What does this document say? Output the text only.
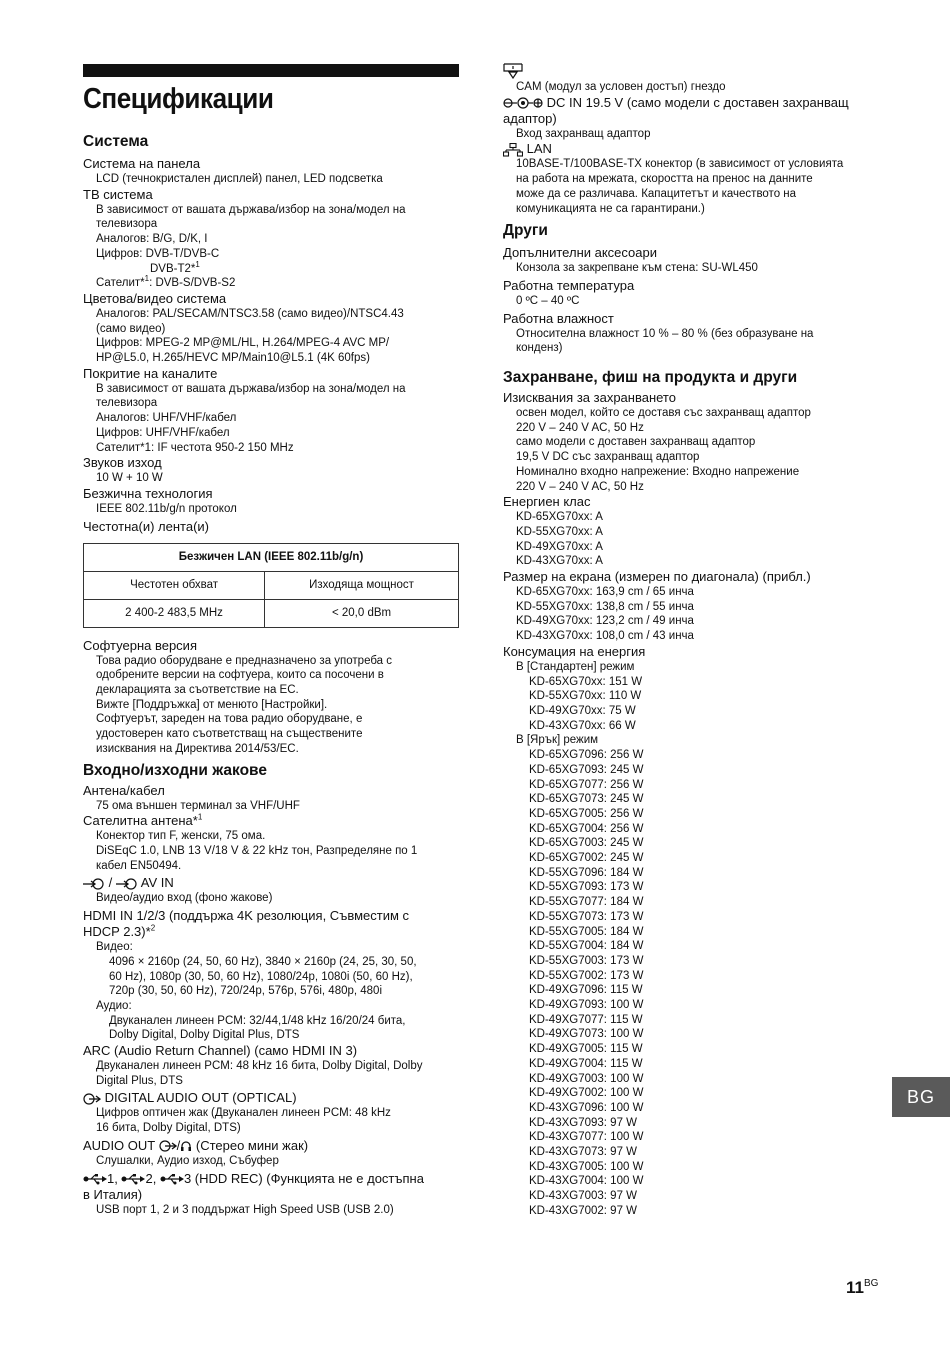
Спецификации
Система
Система на панела
LCD (течнокристален дисплей) панел, LED подсветка
ТВ система
В зависимост от вашата държава/избор на зона/модел на
телевизора
Аналогов: B/G, D/K, I
Цифров: DVB-T/DVB-C
DVB-T2*$^1$
Сателит*$^1$: DVB-S/DVB-S2
Цветова/видео система
Аналогов: PAL/SECAM/NTSC3.58 (само видео)/NTSC4.43
(само видео)
Цифров: MPEG-2 MP@ML/HL, H.264/MPEG-4 AVC MP/
HP@L5.0, H.265/HEVC MP/Main10@L5.1 (4K 60fps)
Покритие на каналите
В зависимост от вашата държава/избор на зона/модел на
телевизора
Аналогов: UHF/VHF/кабел
Цифров: UHF/VHF/кабел
Сателит*1: IF честота 950-2 150 MHz
Звуков изход
10 W + 10 W
Безжична технология
IEEE 802.11b/g/n протокол
Честотна(и) лента(и)
Безжичен LAN (IEEE 802.11b/g/n)	
Честотен обхват	Изходяща мощност
2 400-2 483,5 MHz	< 20,0 dBm
Софтуерна версия
Това радио оборудване е предназначено за употреба с
одобрените версии на софтуера, които са посочени в
декларацията за съответствие на ЕС.
Вижте [Поддръжка] от менюто [Настройки].
Софтуерът, зареден на това радио оборудване, е
удостоверен като съответстващ на съществените
изисквания на Директива 2014/53/ЕС.
Входно/изходни жакове
Антена/кабел
75 ома външен терминал за VHF/UHF
Сателитна антена*$^1$
Конектор тип F, женски, 75 ома.
DiSEqC 1.0, LNB 13 V/18 V & 22 kHz тон, Разпределяне по 1
кабел EN50494.
/ AV IN
Видео/аудио вход (фоно жакове)
HDMI IN 1/2/3 (поддържа 4K резолюция, Съвместим с
HDCP 2.3)*$^2$
Видео:
4096 × 2160p (24, 50, 60 Hz), 3840 × 2160p (24, 25, 30, 50,
60 Hz), 1080p (30, 50, 60 Hz), 1080/24p, 1080i (50, 60 Hz),
720p (30, 50, 60 Hz), 720/24p, 576p, 576i, 480p, 480i
Аудио:
Двуканален линеен PCM: 32/44,1/48 kHz 16/20/24 бита,
Dolby Digital, Dolby Digital Plus, DTS
ARC (Audio Return Channel) (само HDMI IN 3)
Двуканален линеен PCM: 48 kHz 16 бита, Dolby Digital, Dolby
Digital Plus, DTS
DIGITAL AUDIO OUT (OPTICAL)
Цифров оптичен жак (Двуканален линеен PCM: 48 kHz
16 бита, Dolby Digital, DTS)
AUDIO OUT / (Стерео мини жак)
Слушалки, Аудио изход, Събуфер
1, 2, 3 (HDD REC) (Функцията не е достъпна
в Италия)
USB порт 1, 2 и 3 поддържат High Speed USB (USB 2.0)
CAM (модул за условен достъп) гнездо
DC IN 19.5 V (само модели с доставен захранващ
адаптор)
Вход захранващ адаптор
LAN
10BASE-T/100BASE-TX конектор (в зависимост от условията
на работа на мрежата, скоростта на пренос на данните
може да се различава. Капацитетът и качеството на
комуникацията не са гарантирани.)
Други
Допълнителни аксесоари
Конзола за закрепване към стена: SU-WL450
Работна температура
0 ºC – 40 ºC
Работна влажност
Относителна влажност 10 % – 80 % (без образуване на
конденз)
Захранване, фиш на продукта и други
Изисквания за захранването
освен модел, който се доставя със захранващ адаптор
220 V – 240 V AC, 50 Hz
само модели с доставен захранващ адаптор
19,5 V DC със захранващ адаптор
Номинално входно напрежение: Входно напрежение
220 V – 240 V AC, 50 Hz
Енергиен клас
KD-65XG70xx: A
KD-55XG70xx: A
KD-49XG70xx: A
KD-43XG70xx: A
Размер на екрана (измерен по диагонала) (прибл.)
KD-65XG70xx: 163,9 cm / 65 инча
KD-55XG70xx: 138,8 cm / 55 инча
KD-49XG70xx: 123,2 cm / 49 инча
KD-43XG70xx: 108,0 cm / 43 инча
Консумация на енергия
В [Стандартен] режим
KD-65XG70xx: 151 W
KD-55XG70xx: 110 W
KD-49XG70xx: 75 W
KD-43XG70xx: 66 W
В [Ярък] режим
KD-65XG7096: 256 W
KD-65XG7093: 245 W
KD-65XG7077: 256 W
KD-65XG7073: 245 W
KD-65XG7005: 256 W
KD-65XG7004: 256 W
KD-65XG7003: 245 W
KD-65XG7002: 245 W
KD-55XG7096: 184 W
KD-55XG7093: 173 W
KD-55XG7077: 184 W
KD-55XG7073: 173 W
KD-55XG7005: 184 W
KD-55XG7004: 184 W
KD-55XG7003: 173 W
KD-55XG7002: 173 W
KD-49XG7096: 115 W
KD-49XG7093: 100 W
KD-49XG7077: 115 W
KD-49XG7073: 100 W
KD-49XG7005: 115 W
KD-49XG7004: 115 W
KD-49XG7003: 100 W
KD-49XG7002: 100 W
KD-43XG7096: 100 W
KD-43XG7093: 97 W
KD-43XG7077: 100 W
KD-43XG7073: 97 W
KD-43XG7005: 100 W
KD-43XG7004: 100 W
KD-43XG7003: 97 W
KD-43XG7002: 97 W
BG
$11^{BG}$
